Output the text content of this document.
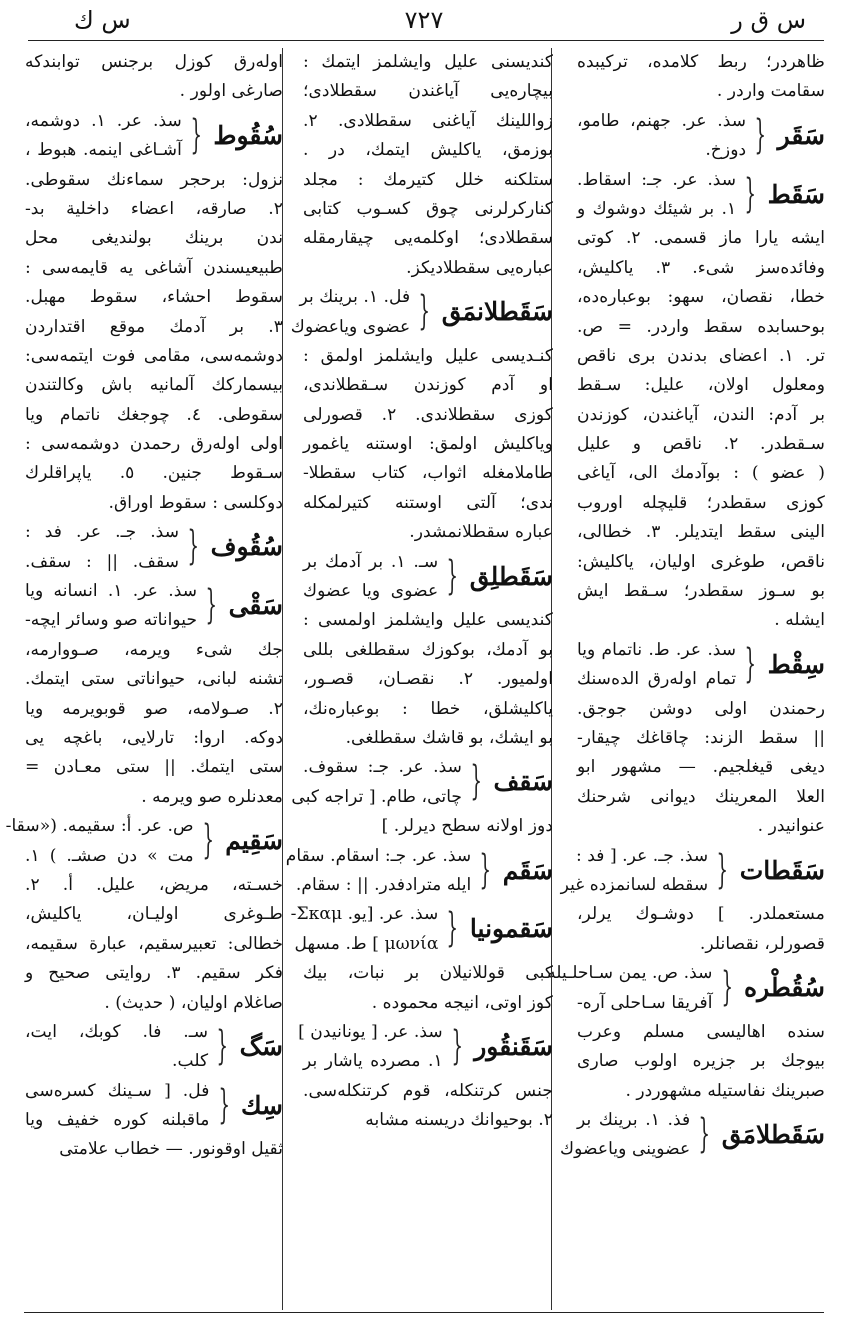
س ق ر
٧٢٧
س ك
ظاهردر؛ ربط كلامده، تركيبده
سقامت واردر .
سَقَر
{
سذ. عر. جهنم، طامو،
دوزخ.
سَقَط
{
سذ. عر. جـ: اسقاط.
١. بر شيئك دوشوك و
ايشه يارا ماز قسمی. ٢. كوتی
وفائده‌سز شیء. ٣. ياكليش،
خطا، نقصان، سهو: بوعبارەده،
بوحسابده سقط واردر. = ص.
تر. ١. اعضای بدندن بری ناقص
ومعلول اولان، عليل: سـقط
بر آدم: الندن، آياغندن، كوزندن
سـقطدر. ٢. ناقص و عليل
( عضو ) : بوآدمك الی، آياغی
كوزی سقطدر؛ قليچله اوروب
الينی سقط ايتديلر. ٣. خطالی،
ناقص، طوغری اوليان، ياكليش:
بو سـوز سقطدر؛ سـقط ايش
ايشله .
سِقْط
{
سذ. عر. ط. ناتمام ويا
تمام اولەرق الدەسنك
رحمندن اولی دوشن جوجق.
|| سقط الزند: چاقاغك چيقار-
ديغی قيغلجيم. — مشهور ابو
العلا المعرينك ديوانی شرحنك
عنوانيدر .
سَقَطات
{
سذ. جـ. عر. [ فد :
سقطه لسانمزده غير
مستعملدر. ] دوشـوك يرلر،
قصورلر، نقصانلر.
سُقُطْره
{
سذ. ص. يمن سـاحلـيله
آفريقا سـاحلی آره-
سنده اهاليسی مسلم وعرب
بيوجك بر جزيره اولوب صاری
صبرينك نفاستيله مشهوردر .
سَقَطلامَق
{
فذ. ١. برينك بر
عضوينی وياعضوك
كنديسنی عليل وايشلمز ايتمك :
بيچارەيی آياغندن سقطلادی؛
زواللينك آياغنی سقطلادی. ٢.
بوزمق، ياكليش ايتمك، در .
ستلكنه خلل كتيرمك : مجلد
كناركرلرنی چوق كسـوب كتابی
سقطلادی؛ اوكلمەيی چيقارمقله
عبارەيی سقطلاديكز.
سَقَطلانمَق
{
فل. ١. برينك بر
عضوی وياعضوك
كنـديسی عليل وايشلمز اولمق :
او آدم كوزندن سـقطلاندی،
كوزی سقطلاندی. ٢. قصورلی
وياكليش اولمق: اوستنه ياغمور
طاملامغله اثواب، كتاب سقطلا-
ندی؛ آلتی اوستنه كتيرلمكله
عباره سقطلانمشدر.
سَقَطلِق
{
سـ. ١. بر آدمك بر
عضوی ويا عضوك
كنديسی عليل وايشلمز اولمسی :
بو آدمك، بوكوزك سقطلغی بللی
اولميور. ٢. نقصـان، قصـور،
ياكليشلق، خطا : بوعبارەنك،
بو ايشك، بو قاشك سقطلغی.
سَقف
{
سذ. عر. جـ: سقوف.
چاتی، طام. [ تراجه كبی
دوز اولانه سطح ديرلر. ]
سَقَم
{
سذ. عر. جـ: اسقام. سقام
ايله مترادفدر. || : سقام.
سَقمونيا
{
سذ. عر. [يو. Σκαμ-
μωνία ] ط. مسهل
كبی قوللانيلان بر نبات، بيك
كوز اوتی، انيجه محموده .
سَقَنقُور
{
سذ. عر. [ يونانيدن ]
١. مصرده ياشار بر
جنس كرتنكله، قوم كرتنكله‌سی.
٢. بوحيوانك دريسنه مشابه
اولەرق كوزل برجنس توابندكه
صارغی اولور .
سُقُوط
{
سذ. عر. ١. دوشمه،
آشـاغی اينمه. هبوط ،
نزول: برحجر سماءنك سقوطی.
٢. صارقه، اعضاء داخلية بد-
ندن برينك بولنديغی محل
طبيعيسندن آشاغی يه قايمه‌سی :
سقوط احشاء، سقوط مهبل.
٣. بر آدمك موقع اقتداردن
دوشمه‌سی، مقامی فوت ايتمه‌سی:
بيسماركك آلمانيه باش وكالتندن
سقوطی. ٤. چوجغك ناتمام ويا
اولی اولەرق رحمدن دوشمه‌سی :
سـقوط جنين. ٥. ياپراقلرك
دوكلسی : سقوط اوراق.
سُقُوف
{
سذ. جـ. عر. فد :
سقف. || : سقف.
سَقْی
{
سذ. عر. ١. انسانه ويا
حيواناته صو وسائر ايچه-
جك شیء ويرمه، صـووارمه،
تشنه لبانی، حيواناتی ستی ايتمك.
٢. صـولامه، صو قوبويرمه ويا
دوكه. اروا: تارلايی، باغچه يی
ستی ايتمك. || ستی معـادن =
معدنلره صو ويرمه .
سَقِيم
{
ص. عر. أ: سقيمه. («سقا-
مت » دن صشـ. ) ١.
خسـته، مريض، عليل. أ. ٢.
طـوغری اوليـان، ياكليش،
خطالی: تعبيرسقيم، عبارة سقيمه،
فكر سقيم. ٣. روايتی صحيح و
صاغلام اوليان، ( حديث) .
سَگ
{
سـ. فا. كوبك، ايت،
كلب.
سِك
{
فل. [ سـينك كسرەسی
ماقبلنه كوره خفيف ويا
ثقيل اوقونور. — خطاب علامتی
